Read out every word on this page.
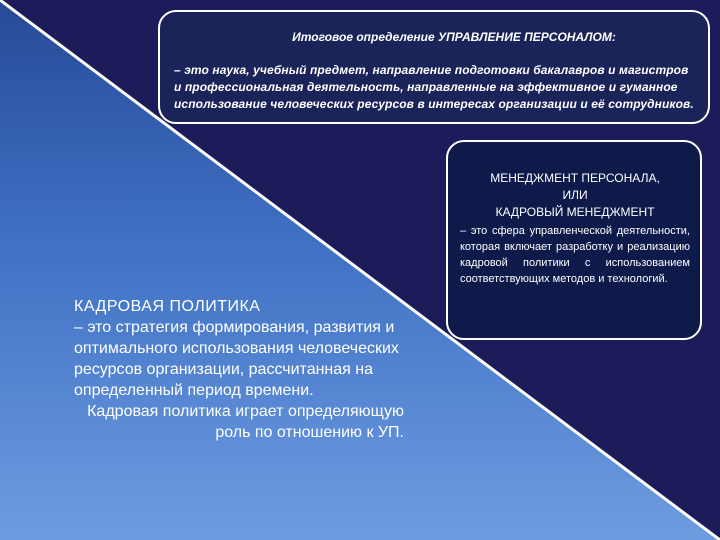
Итоговое определение УПРАВЛЕНИЕ ПЕРСОНАЛОМ:
– это наука, учебный предмет, направление подготовки бакалавров и магистров и профессиональная деятельность, направленные на эффективное и гуманное использование человеческих ресурсов в интересах организации и её сотрудников.
МЕНЕДЖМЕНТ ПЕРСОНАЛА,
ИЛИ
КАДРОВЫЙ МЕНЕДЖМЕНТ
– это сфера управленческой деятельности, которая включает разработку и реализацию кадровой политики с использованием соответствующих методов и технологий.
КАДРОВАЯ ПОЛИТИКА
– это стратегия формирования, развития и оптимального использования человеческих ресурсов организации, рассчитанная на определенный период времени.
Кадровая политика играет определяющую роль по отношению к УП.
